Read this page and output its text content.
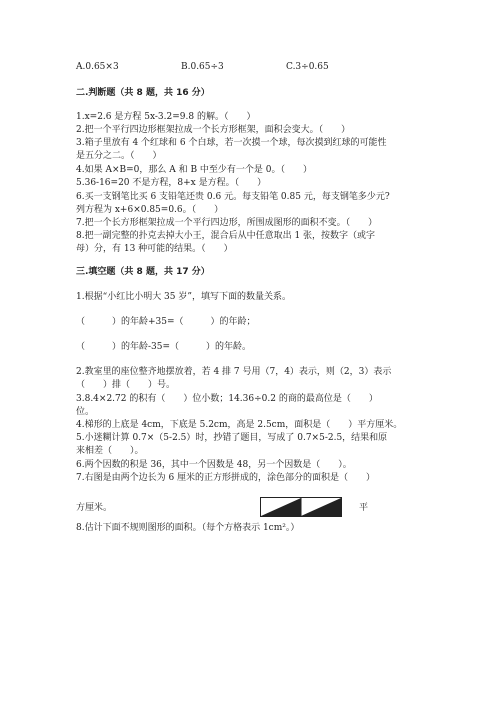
A.0.65×3	B.0.65÷3	C.3÷0.65
二.判断题（共 8 题，共 16 分）
1.x=2.6 是方程 5x-3.2=9.8 的解。（　　）
2.把一个平行四边形框架拉成一个长方形框架，面积会变大。（　　）
3.箱子里放有 4 个红球和 6 个白球，若一次摸一个球，每次摸到红球的可能性
是五分之二。（　　）
4.如果 A×B=0，那么 A 和 B 中至少有一个是 0。（　　）
5.36-16=20 不是方程，8+x 是方程。（　　）
6.买一支钢笔比买 6 支铅笔还贵 0.6 元。每支铅笔 0.85 元，每支钢笔多少元?
列方程为 x+6×0.85=0.6。（　　）
7.把一个长方形框架拉成一个平行四边形，所围成图形的面积不变。（　　）
8.把一副完整的扑克去掉大小王，混合后从中任意取出 1 张，按数字（或字
母）分，有 13 种可能的结果。（　　）
三.填空题（共 8 题，共 17 分）
1.根据“小红比小明大 35 岁”，填写下面的数量关系。
（　　　）的年龄+35=（　　　）的年龄；
（　　　）的年龄-35=（　　　）的年龄。
2.教室里的座位整齐地摆放着，若 4 排 7 号用（7，4）表示，则（2，3）表示
（　　）排（　　）号。
3.8.4×2.72 的积有（　　）位小数；14.36÷0.2 的商的最高位是（　　）
位。
4.梯形的上底是 4cm，下底是 5.2cm，高是 2.5cm，面积是（　　）平方厘米。
5.小迷糊计算 0.7×（5-2.5）时，抄错了题目，写成了 0.7×5-2.5，结果和原
来相差（　　）。
6.两个因数的积是 36，其中一个因数是 48，另一个因数是（　　）。
7.右图是由两个边长为 6 厘米的正方形拼成的，涂色部分的面积是（　　）
平
方厘米。
8.估计下面不规则图形的面积。（每个方格表示 1cm²。）
